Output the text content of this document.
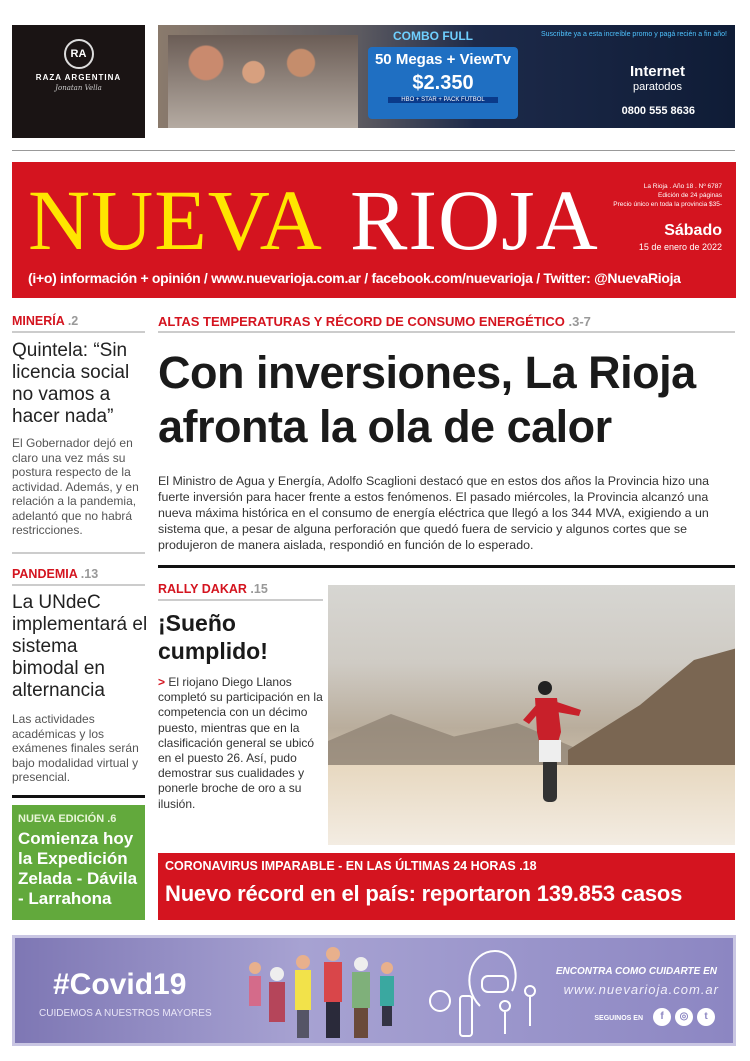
RA
RAZA ARGENTINA
Jonatan Vella
COMBO FULL
50 Megas + ViewTv
$2.350
HBO + STAR + PACK FUTBOL
Suscribite ya a esta increíble promo y pagá recién a fin año!
Internet
paratodos
0800 555 8636
NUEVA RIOJA	La Rioja . Año 18 . Nº 6787
Edición de 24 páginas
Precio único en toda la provincia $35-
Sábado
15 de enero de 2022
(i+o) información + opinión / www.nuevarioja.com.ar / facebook.com/nuevarioja / Twitter: @NuevaRioja
MINERÍA .2
Quintela: “Sin licencia social no vamos a hacer nada”
El Gobernador dejó en claro una vez más su postura respecto de la actividad. Además, y en relación a la pandemia, adelantó que no habrá restricciones.
PANDEMIA .13
La UNdeC implementará el sistema bimodal en alternancia
Las actividades académicas y los exámenes finales serán bajo modalidad virtual y presencial.
NUEVA EDICIÓN .6
Comienza hoy la Expedición Zelada - Dávila - Larrahona
ALTAS TEMPERATURAS Y RÉCORD DE CONSUMO ENERGÉTICO .3-7
Con inversiones, La Rioja afronta la ola de calor
El Ministro de Agua y Energía, Adolfo Scaglioni destacó que en estos dos años la Provincia hizo una fuerte inversión para hacer frente a estos fenómenos. El pasado miércoles, la Provincia alcanzó una nueva máxima histórica en el consumo de energía eléctrica que llegó a los 344 MVA, exigiendo a un sistema que, a pesar de alguna perforación que quedó fuera de servicio y algunos cortes que se produjeron de manera aislada, respondió en función de lo esperado.
RALLY DAKAR .15
¡Sueño cumplido!
> El riojano Diego Llanos completó su participación en la competencia con un décimo puesto, mientras que en la clasificación general se ubicó en el puesto 26. Así, pudo demostrar sus cualidades y ponerle broche de oro a su ilusión.
CORONAVIRUS IMPARABLE - EN LAS ÚLTIMAS 24 HORAS .18
Nuevo récord en el país: reportaron 139.853 casos
#Covid19
CUIDEMOS A NUESTROS MAYORES
ENCONTRA COMO CUIDARTE EN
www.nuevarioja.com.ar
SEGUINOS EN	f	◎	t
